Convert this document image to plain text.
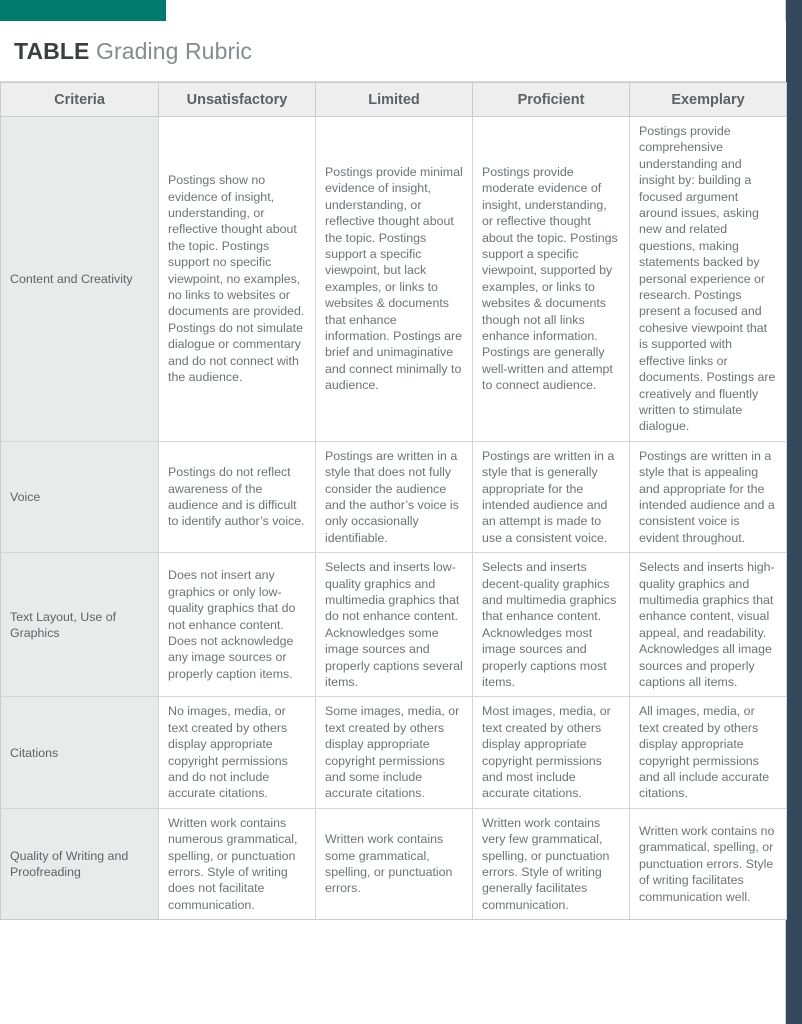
TABLE Grading Rubric
Criteria	Unsatisfactory	Limited	Proficient	Exemplary
Content and Creativity	Postings show no evidence of insight, understanding, or reflective thought about the topic. Postings support no specific viewpoint, no examples, no links to websites or documents are provided. Postings do not simulate dialogue or commentary and do not connect with the audience.	Postings provide minimal evidence of insight, understanding, or reflective thought about the topic. Postings support a specific viewpoint, but lack examples, or links to websites & documents that enhance information. Postings are brief and unimaginative and connect minimally to audience.	Postings provide moderate evidence of insight, understanding, or reflective thought about the topic. Postings support a specific viewpoint, supported by examples, or links to websites & documents though not all links enhance information. Postings are generally well-written and attempt to connect audience.	Postings provide comprehensive understanding and insight by: building a focused argument around issues, asking new and related questions, making statements backed by personal experience or research. Postings present a focused and cohesive viewpoint that is supported with effective links or documents. Postings are creatively and fluently written to stimulate dialogue.
Voice	Postings do not reflect awareness of the audience and is difficult to identify author’s voice.	Postings are written in a style that does not fully consider the audience and the author’s voice is only occasionally identifiable.	Postings are written in a style that is generally appropriate for the intended audience and an attempt is made to use a consistent voice.	Postings are written in a style that is appealing and appropriate for the intended audience and a consistent voice is evident throughout.
Text Layout, Use of Graphics	Does not insert any graphics or only low-quality graphics that do not enhance content. Does not acknowledge any image sources or properly caption items.	Selects and inserts low-quality graphics and multimedia graphics that do not enhance content. Acknowledges some image sources and properly captions several items.	Selects and inserts decent-quality graphics and multimedia graphics that enhance content. Acknowledges most image sources and properly captions most items.	Selects and inserts high-quality graphics and multimedia graphics that enhance content, visual appeal, and readability. Acknowledges all image sources and properly captions all items.
Citations	No images, media, or text created by others display appropriate copyright permissions and do not include accurate citations.	Some images, media, or text created by others display appropriate copyright permissions and some include accurate citations.	Most images, media, or text created by others display appropriate copyright permissions and most include accurate citations.	All images, media, or text created by others display appropriate copyright permissions and all include accurate citations.
Quality of Writing and Proofreading	Written work contains numerous grammatical, spelling, or punctuation errors. Style of writing does not facilitate communication.	Written work contains some grammatical, spelling, or punctuation errors.	Written work contains very few grammatical, spelling, or punctuation errors. Style of writing generally facilitates communication.	Written work contains no grammatical, spelling, or punctuation errors. Style of writing facilitates communication well.
